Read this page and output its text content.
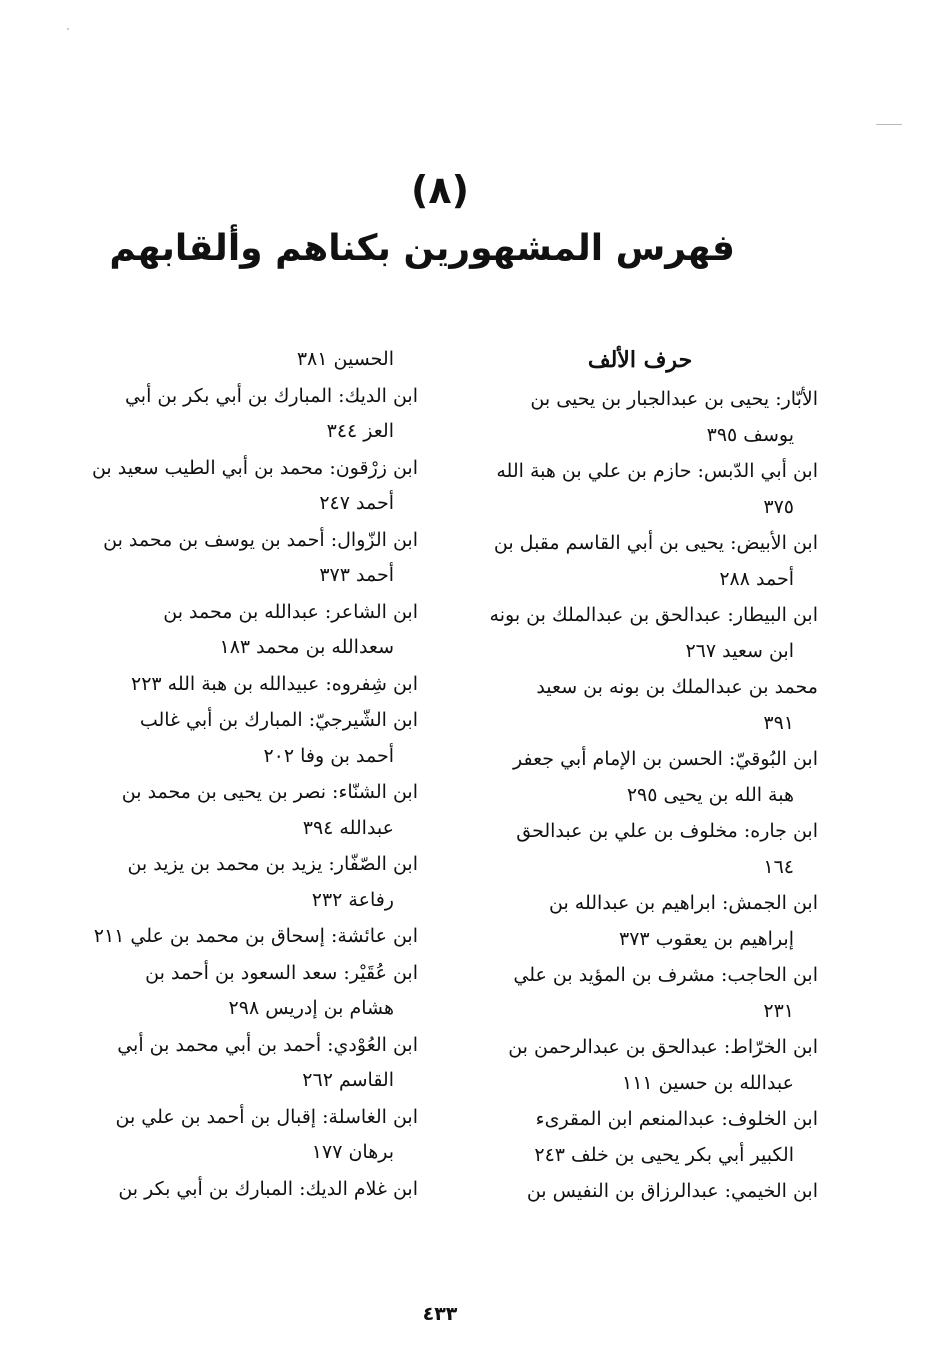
(٨)
فهرس المشهورين بكناهم وألقابهم
حرف الألف
الأبّار: يحيى بن عبدالجبار بن يحيى بن
يوسف ٣٩٥
ابن أبي الدّبس: حازم بن علي بن هبة الله
٣٧٥
ابن الأبيض: يحيى بن أبي القاسم مقبل بن
أحمد ٢٨٨
ابن البيطار: عبدالحق بن عبدالملك بن بونه
ابن سعيد ٢٦٧
محمد بن عبدالملك بن بونه بن سعيد
٣٩١
ابن البُوقيّ: الحسن بن الإمام أبي جعفر
هبة الله بن يحيى ٢٩٥
ابن جاره: مخلوف بن علي بن عبدالحق
١٦٤
ابن الجمش: ابراهيم بن عبدالله بن
إبراهيم بن يعقوب ٣٧٣
ابن الحاجب: مشرف بن المؤيد بن علي
٢٣١
ابن الخرّاط: عبدالحق بن عبدالرحمن بن
عبدالله بن حسين ١١١
ابن الخلوف: عبدالمنعم ابن المقرىء
الكبير أبي بكر يحيى بن خلف ٢٤٣
ابن الخيمي: عبدالرزاق بن النفيس بن
الحسين ٣٨١
ابن الديك: المبارك بن أبي بكر بن أبي
العز ٣٤٤
ابن زرْقون: محمد بن أبي الطيب سعيد بن
أحمد ٢٤٧
ابن الزّوال: أحمد بن يوسف بن محمد بن
أحمد ٣٧٣
ابن الشاعر: عبدالله بن محمد بن
سعدالله بن محمد ١٨٣
ابن شِفروه: عبيدالله بن هبة الله ٢٢٣
ابن الشّيرجيّ: المبارك بن أبي غالب
أحمد بن وفا ٢٠٢
ابن الشنّاء: نصر بن يحيى بن محمد بن
عبدالله ٣٩٤
ابن الصّفّار: يزيد بن محمد بن يزيد بن
رفاعة ٢٣٢
ابن عائشة: إسحاق بن محمد بن علي ٢١١
ابن عُقَيْر: سعد السعود بن أحمد بن
هشام بن إدريس ٢٩٨
ابن العُوْدي: أحمد بن أبي محمد بن أبي
القاسم ٢٦٢
ابن الغاسلة: إقبال بن أحمد بن علي بن
برهان ١٧٧
ابن غلام الديك: المبارك بن أبي بكر بن
٤٣٣
